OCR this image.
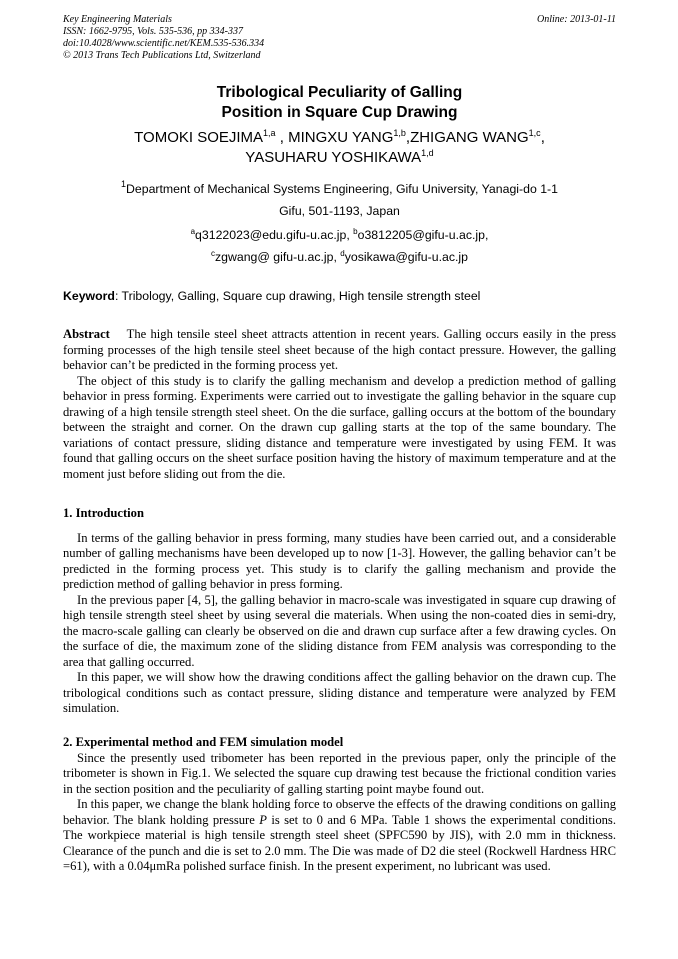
Key Engineering Materials
ISSN: 1662-9795, Vols. 535-536, pp 334-337
doi:10.4028/www.scientific.net/KEM.535-536.334
© 2013 Trans Tech Publications Ltd, Switzerland
Online: 2013-01-11
Tribological Peculiarity of Galling
Position in Square Cup Drawing
TOMOKI SOEJIMA$^{1,a}$ , MINGXU YANG$^{1,b}$,ZHIGANG WANG$^{1,c}$,
YASUHARU YOSHIKAWA$^{1,d}$
$^1$Department of Mechanical Systems Engineering, Gifu University, Yanagi-do 1-1
Gifu, 501-1193, Japan
$^a$q3122023@edu.gifu-u.ac.jp, $^b$o3812205@gifu-u.ac.jp,
$^c$zgwang@ gifu-u.ac.jp, $^d$yosikawa@gifu-u.ac.jp
Keyword: Tribology, Galling, Square cup drawing, High tensile strength steel

Abstract The high tensile steel sheet attracts attention in recent years. Galling occurs easily in the press forming processes of the high tensile steel sheet because of the high contact pressure. However, the galling behavior can’t be predicted in the forming process yet.

The object of this study is to clarify the galling mechanism and develop a prediction method of galling behavior in press forming. Experiments were carried out to investigate the galling behavior in the square cup drawing of a high tensile strength steel sheet. On the die surface, galling occurs at the bottom of the boundary between the straight and corner. On the drawn cup galling starts at the top of the same boundary. The variations of contact pressure, sliding distance and temperature were investigated by using FEM. It was found that galling occurs on the sheet surface position having the history of maximum temperature and at the moment just before sliding out from the die.

1. Introduction

In terms of the galling behavior in press forming, many studies have been carried out, and a considerable number of galling mechanisms have been developed up to now [1-3]. However, the galling behavior can’t be predicted in the forming process yet. This study is to clarify the galling mechanism and provide the prediction method of galling behavior in press forming.

In the previous paper [4, 5], the galling behavior in macro-scale was investigated in square cup drawing of high tensile strength steel sheet by using several die materials. When using the non-coated dies in semi-dry, the macro-scale galling can clearly be observed on die and drawn cup surface after a few drawing cycles. On the surface of die, the maximum zone of the sliding distance from FEM analysis was corresponding to the area that galling occurred.

In this paper, we will show how the drawing conditions affect the galling behavior on the drawn cup. The tribological conditions such as contact pressure, sliding distance and temperature were analyzed by FEM simulation.

2. Experimental method and FEM simulation model

Since the presently used tribometer has been reported in the previous paper, only the principle of the tribometer is shown in Fig.1. We selected the square cup drawing test because the frictional condition varies in the section position and the peculiarity of galling starting point maybe found out.

In this paper, we change the blank holding force to observe the effects of the drawing conditions on galling behavior. The blank holding pressure P is set to 0 and 6 MPa. Table 1 shows the experimental conditions. The workpiece material is high tensile strength steel sheet (SPFC590 by JIS), with 2.0 mm in thickness. Clearance of the punch and die is set to 2.0 mm. The Die was made of D2 die steel (Rockwell Hardness HRC =61), with a 0.04μmRa polished surface finish. In the present experiment, no lubricant was used.
